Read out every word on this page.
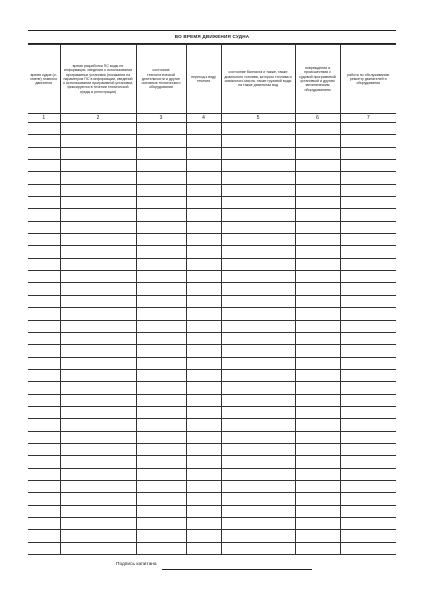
ВО ВРЕМЯ ДВИЖЕНИЯ СУДНА
время судов (о-смене) главного двигателя	время разработки ПС воды не информации, сведения о использовании программных установок (показания на параметров ПС в информации, сведений о использовании программной установки, фиксируются в течении технической среды в регистрации)	состояние технологической деятельности и другие основные технического оборудования	переход к воду течения	состояние балласта и также, также дизельного топлива, которого топлива и смазочного масла, также грузовой воды на также дизельная вод	повреждения и происшествия с судовой программной установкой и другим механическим оборудованием	работа по обслуживанию ремонту двигателей и оборудования
1	2	3	4	5	6	7

Подпись капитана
